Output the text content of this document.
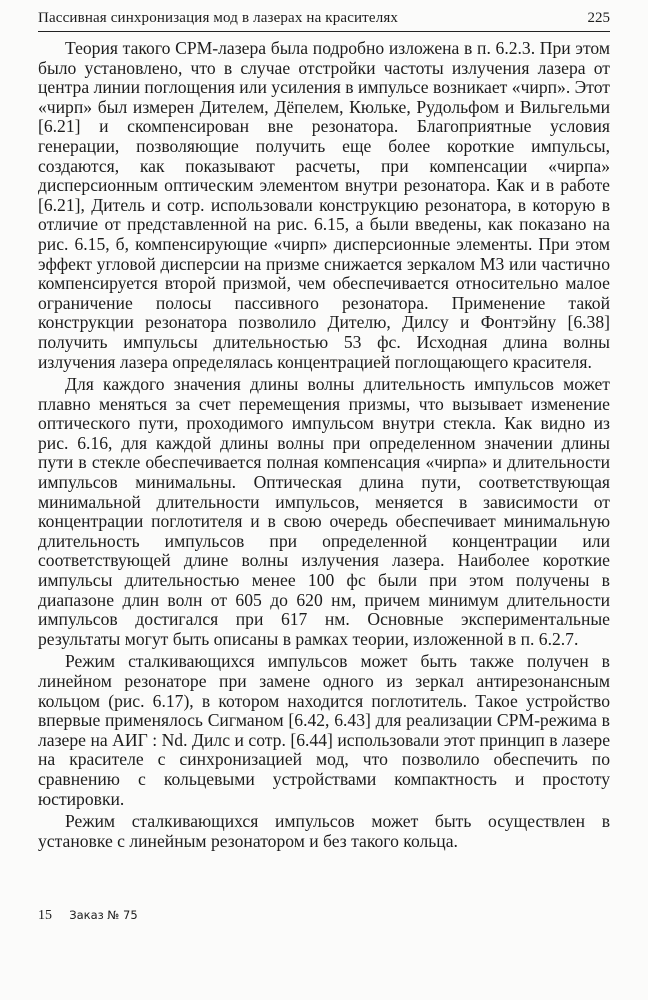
Пассивная синхронизация мод в лазерах на красителях	225

Теория такого CPM-лазера была подробно изложена в п. 6.2.3. При этом было установлено, что в случае отстройки частоты излучения лазера от центра линии поглощения или усиления в импульсе возникает «чирп». Этот «чирп» был измерен Дителем, Дёпелем, Кюльке, Рудольфом и Вильгельми [6.21] и скомпенсирован вне резонатора. Благоприятные условия генерации, позволяющие получить еще более короткие импульсы, создаются, как показывают расчеты, при компенсации «чирпа» дисперсионным оптическим элементом внутри резонатора. Как и в работе [6.21], Дитель и сотр. использовали конструкцию резонатора, в которую в отличие от представленной на рис. 6.15, а были введены, как показано на рис. 6.15, б, компенсирующие «чирп» дисперсионные элементы. При этом эффект угловой дисперсии на призме снижается зеркалом M3 или частично компенсируется второй призмой, чем обеспечивается относительно малое ограничение полосы пассивного резонатора. Применение такой конструкции резонатора позволило Дителю, Дилсу и Фонтэйну [6.38] получить импульсы длительностью 53 фс. Исходная длина волны излучения лазера определялась концентрацией поглощающего красителя.

Для каждого значения длины волны длительность импульсов может плавно меняться за счет перемещения призмы, что вызывает изменение оптического пути, проходимого импульсом внутри стекла. Как видно из рис. 6.16, для каждой длины волны при определенном значении длины пути в стекле обеспечивается полная компенсация «чирпа» и длительности импульсов минимальны. Оптическая длина пути, соответствующая минимальной длительности импульсов, меняется в зависимости от концентрации поглотителя и в свою очередь обеспечивает минимальную длительность импульсов при определенной концентрации или соответствующей длине волны излучения лазера. Наиболее короткие импульсы длительностью менее 100 фс были при этом получены в диапазоне длин волн от 605 до 620 нм, причем минимум длительности импульсов достигался при 617 нм. Основные экспериментальные результаты могут быть описаны в рамках теории, изложенной в п. 6.2.7.

Режим сталкивающихся импульсов может быть также получен в линейном резонаторе при замене одного из зеркал антирезонансным кольцом (рис. 6.17), в котором находится поглотитель. Такое устройство впервые применялось Сигманом [6.42, 6.43] для реализации CPM-режима в лазере на АИГ : Nd. Дилс и сотр. [6.44] использовали этот принцип в лазере на красителе с синхронизацией мод, что позволило обеспечить по сравнению с кольцевыми устройствами компактность и простоту юстировки.

Режим сталкивающихся импульсов может быть осуществлен в установке с линейным резонатором и без такого кольца.

15 Заказ № 75
